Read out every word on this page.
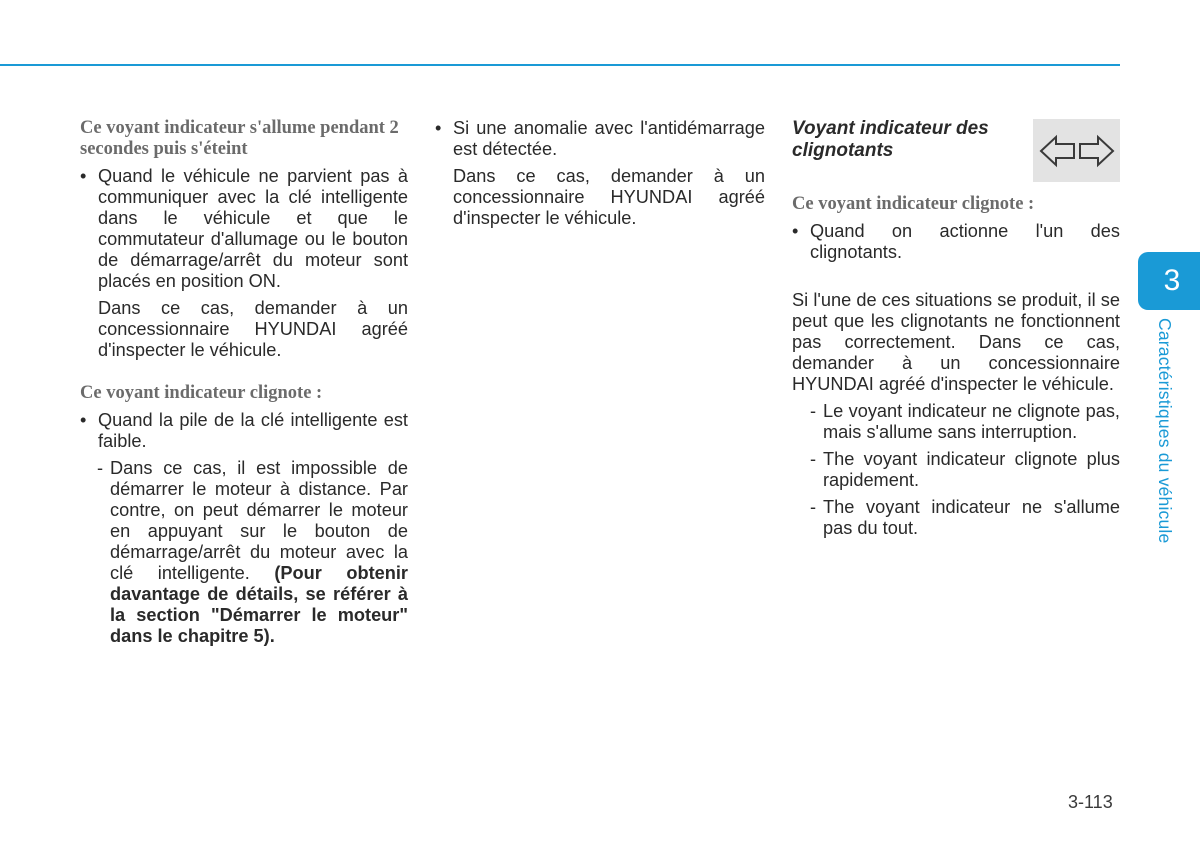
Ce voyant indicateur s'allume pendant 2 secondes puis s'éteint
• Quand le véhicule ne parvient pas à communiquer avec la clé intelligente dans le véhicule et que le commutateur d'allumage ou le bouton de démarrage/arrêt du moteur sont placés en position ON.
Dans ce cas, demander à un concessionnaire HYUNDAI agréé d'inspecter le véhicule.
Ce voyant indicateur clignote :
• Quand la pile de la clé intelligente est faible.
- Dans ce cas, il est impossible de démarrer le moteur à distance. Par contre, on peut démarrer le moteur en appuyant sur le bouton de démarrage/arrêt du moteur avec la clé intelligente. (Pour obtenir davantage de détails, se référer à la section "Démarrer le moteur" dans le chapitre 5).
• Si une anomalie avec l'antidémarrage est détectée.
Dans ce cas, demander à un concessionnaire HYUNDAI agréé d'inspecter le véhicule.
Voyant indicateur des clignotants
Ce voyant indicateur clignote :
• Quand on actionne l'un des clignotants.
Si l'une de ces situations se produit, il se peut que les clignotants ne fonctionnent pas correctement. Dans ce cas, demander à un concessionnaire HYUNDAI agréé d'inspecter le véhicule.
- Le voyant indicateur ne clignote pas, mais s'allume sans interruption.
- The voyant indicateur clignote plus rapidement.
- The voyant indicateur ne s'allume pas du tout.
3
Caractéristiques du véhicule
3-113
